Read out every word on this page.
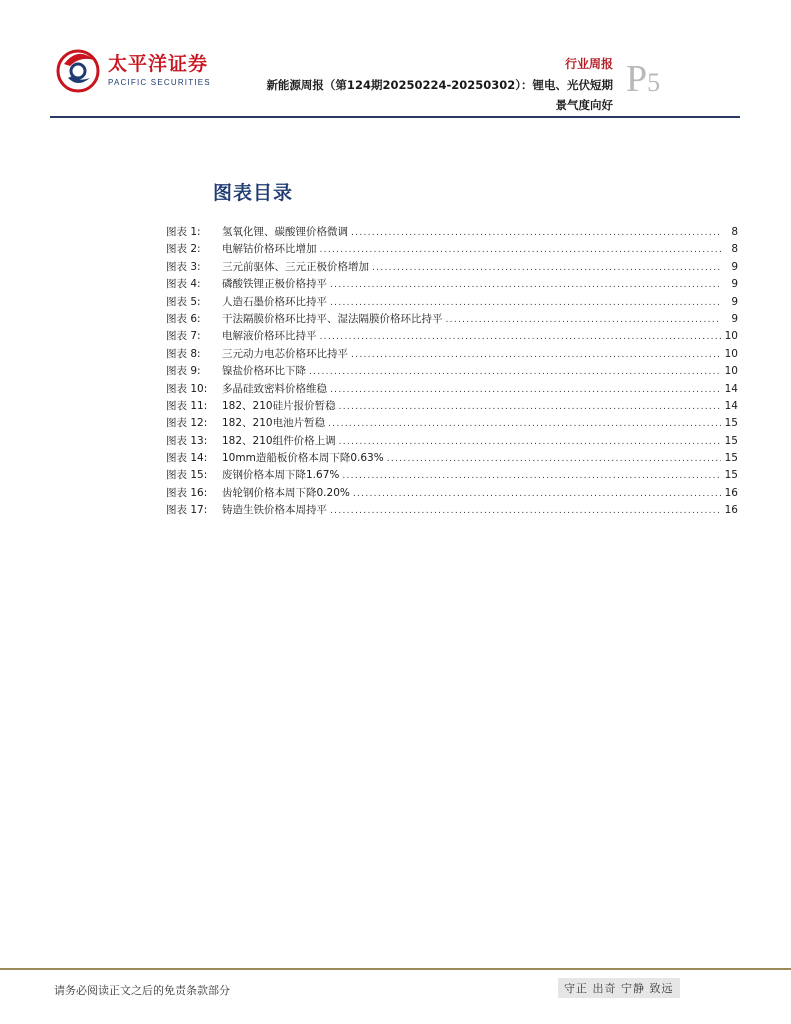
太平洋证券
PACIFIC SECURITIES
行业周报
新能源周报（第124期20250224-20250302）：锂电、光伏短期
景气度向好
P5
图表目录
图表 1:	氢氧化锂、碳酸锂价格微调 .....	8
图表 2:	电解钴价格环比增加 .....	8
图表 3:	三元前驱体、三元正极价格增加 .....	9
图表 4:	磷酸铁锂正极价格持平 .....	9
图表 5:	人造石墨价格环比持平 .....	9
图表 6:	干法隔膜价格环比持平、湿法隔膜价格环比持平 .....	9
图表 7:	电解液价格环比持平 .....	10
图表 8:	三元动力电芯价格环比持平 .....	10
图表 9:	镍盐价格环比下降 .....	10
图表 10:	多晶硅致密料价格维稳 .....	14
图表 11:	182、210硅片报价暂稳 .....	14
图表 12:	182、210电池片暂稳 .....	15
图表 13:	182、210组件价格上调 .....	15
图表 14:	10mm造船板价格本周下降0.63% .....	15
图表 15:	废钢价格本周下降1.67% .....	15
图表 16:	齿轮钢价格本周下降0.20% .....	16
图表 17:	铸造生铁价格本周持平 .....	16
请务必阅读正文之后的免责条款部分	守正 出奇 宁静 致远
